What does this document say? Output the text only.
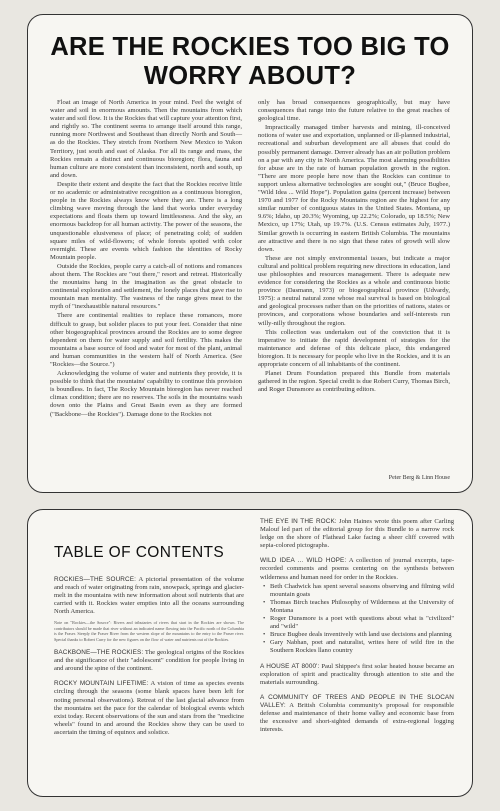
ARE THE ROCKIES TOO BIG TO WORRY ABOUT?

Float an image of North America in your mind. Feel the weight of water and soil in enormous amounts. Then the mountains from which water and soil flow. It is the Rockies that will capture your attention first, and rightly so. The continent seems to arrange itself around this range, running more Northwest and Southeast than directly North and South—as do the Rockies. They stretch from Northern New Mexico to Yukon Territory, just south and east of Alaska. For all its range and mass, the Rockies remain a distinct and continuous bioregion; flora, fauna and human culture are more consistent than inconsistent, north and south, up and down.

Despite their extent and despite the fact that the Rockies receive little or no academic or administrative recognition as a continuous bioregion, people in the Rockies always know where they are. There is a long climbing wave moving through the land that works under everyday expectations and floats them up toward limitlessness. And the sky, an enormous backdrop for all human activity. The power of the seasons, the unquestionable elusiveness of place; of penetrating cold; of sudden square miles of wild-flowers; of whole forests spotted with color overnight. These are events which fashion the identities of Rocky Mountain people.

Outside the Rockies, people carry a catch-all of notions and romances about them. The Rockies are "out there," resort and retreat. Historically the mountains hang in the imagination as the great obstacle to continental exploration and settlement, the lonely places that gave rise to mountain man mentality. The vastness of the range gives meat to the myth of "inexhaustible natural resources."

There are continental realities to replace these romances, more difficult to grasp, but solider places to put your feet. Consider that nine other biogeographical provinces around the Rockies are to some degree dependent on them for water supply and soil fertility. This makes the mountains a base source of food and water for most of the plant, animal and human communities in the western half of North America. (See "Rockies—the Source.")

Acknowledging the volume of water and nutrients they provide, it is possible to think that the mountains' capability to continue this provision is boundless. In fact, The Rocky Mountain bioregion has never reached climax condition; there are no reserves. The soils in the mountains wash down onto the Plains and Great Basin even as they are formed ("Backbone—the Rockies"). Damage done to the Rockies not

only has broad consequences geographically, but may have consequences that range into the future relative to the great reaches of geological time.

Impractically managed timber harvests and mining, ill-conceived notions of water use and exportation, unplanned or ill-planned industrial, recreational and suburban development are all abuses that could do possibly permanent damage. Denver already has an air pollution problem on a par with any city in North America. The most alarming possibilities for abuse are in the rate of human population growth in the region. "There are more people here now than the Rockies can continue to support unless alternative technologies are sought out," (Bruce Bugbee, "Wild Idea ... Wild Hope"). Population gains (percent increase) between 1970 and 1977 for the Rocky Mountains region are the highest for any similar number of contiguous states in the United States. Montana, up 9.6%; Idaho, up 20.3%; Wyoming, up 22.2%; Colorado, up 18.5%; New Mexico, up 17%; Utah, up 19.7%. (U.S. Census estimates July, 1977.) Similar growth is occurring in eastern British Columbia. The mountains are attractive and there is no sign that these rates of growth will slow down.

These are not simply environmental issues, but indicate a major cultural and political problem requiring new directions in education, land use philosophies and resources management. There is adequate new evidence for considering the Rockies as a whole and continuous biotic province (Dasmann, 1973) or biogeographical province (Udvardy, 1975): a neutral natural zone whose real survival is based on biological and geological processes rather than on the priorities of nations, states or provinces, and corporations whose boundaries and self-interests run willy-nilly throughout the region.

This collection was undertaken out of the conviction that it is imperative to initiate the rapid development of strategies for the maintenance and defense of this delicate place, this endangered bioregion. It is necessary for people who live in the Rockies, and it is an appropriate concern of all inhabitants of the continent.

Planet Drum Foundation prepared this Bundle from materials gathered in the region. Special credit is due Robert Curry, Thomas Birch, and Roger Dunsmore as contributing editors.

Peter Berg & Linn House
TABLE OF CONTENTS

ROCKIES—THE SOURCE: A pictorial presentation of the volume and reach of water originating from rain, snowpack, springs and glacier-melt in the mountains with new information about soil nutrients that are carried with it. Rockies water empties into all the oceans surrounding North America.

Note on "Rockies—the Source": Rivers and tributaries of rivers that start in the Rockies are shown. The contributors should be made that river without an indicated name flowing into the Pacific north of the Columbia is the Fraser. Steeply the Fraser River from the western slope of the mountains to the entry to the Fraser river. Special thanks to Robert Curry for the new figures on the flow of water and nutrients out of the Rockies.

BACKBONE—THE ROCKIES: The geological origins of the Rockies and the significance of their "adolescent" condition for people living in and around the spine of the continent.

ROCKY MOUNTAIN LIFETIME: A vision of time as species events circling through the seasons (some blank spaces have been left for noting personal observations). Retreat of the last glacial advance from the mountains set the pace for the calendar of biological events which exist today. Recent observations of the sun and stars from the "medicine wheels" found in and around the Rockies show they can be used to ascertain the timing of equinox and solstice.

THE EYE IN THE ROCK: John Haines wrote this poem after Carling Malouf led part of the editorial group for this Bundle to a narrow rock ledge on the shore of Flathead Lake facing a sheer cliff covered with sepia-colored pictographs.

WILD IDEA ... WILD HOPE: A collection of journal excerpts, tape-recorded comments and poems centering on the synthesis between wilderness and human need for order in the Rockies.
• Beth Chadwick has spent several seasons observing and filming wild mountain goats
• Thomas Birch teaches Philosophy of Wilderness at the University of Montana
• Roger Dunsmore is a poet with questions about what is "civilized" and "wild"
• Bruce Bugbee deals inventively with land use decisions and planning
• Gary Nabhan, poet and naturalist, writes here of wild fire in the Southern Rockies llano country

A HOUSE AT 8000': Paul Shippee's first solar heated house became an exploration of spirit and practicality through attention to site and the materials surrounding.

A COMMUNITY OF TREES AND PEOPLE IN THE SLOCAN VALLEY: A British Columbia community's proposal for responsible defense and maintenance of their home valley and economic base from the excessive and short-sighted demands of extra-regional logging interests.
